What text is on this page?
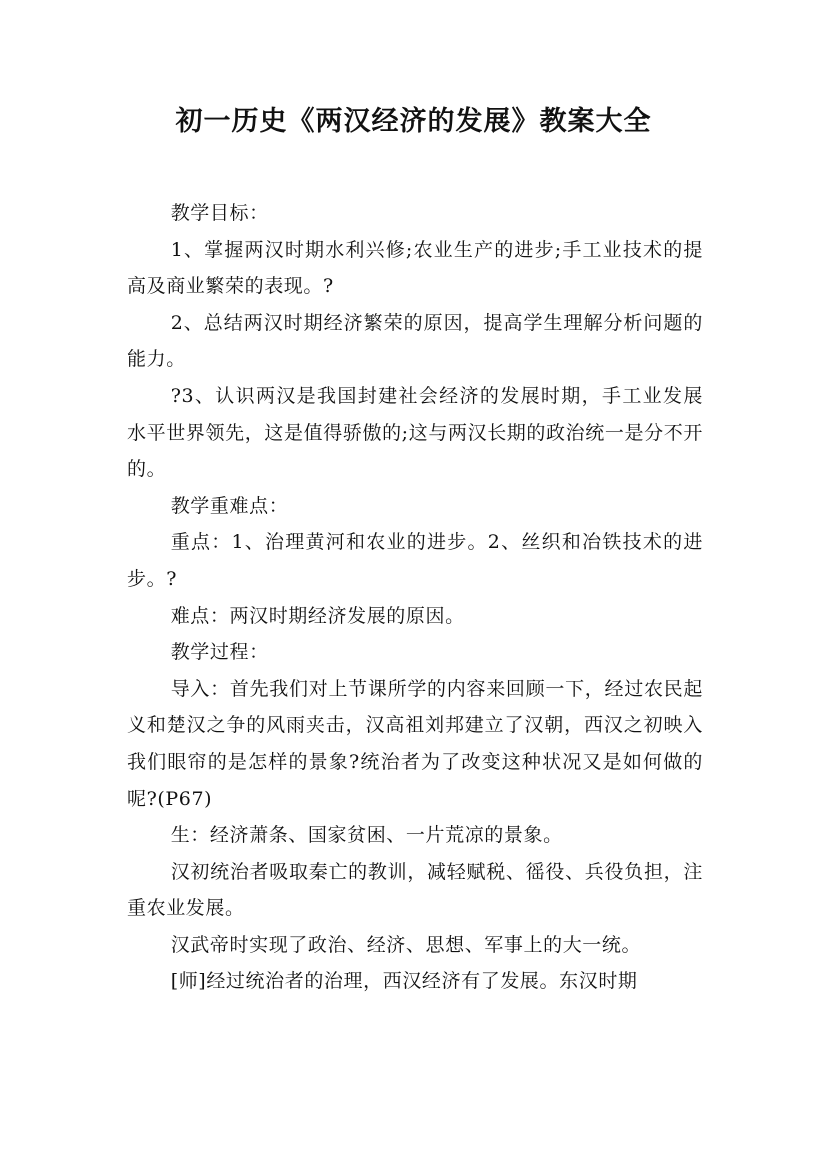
初一历史《两汉经济的发展》教案大全

教学目标：

1、掌握两汉时期水利兴修;农业生产的进步;手工业技术的提高及商业繁荣的表现。?

2、总结两汉时期经济繁荣的原因，提高学生理解分析问题的能力。

?3、认识两汉是我国封建社会经济的发展时期，手工业发展水平世界领先，这是值得骄傲的;这与两汉长期的政治统一是分不开的。

教学重难点：

重点：1、治理黄河和农业的进步。2、丝织和冶铁技术的进步。?

难点：两汉时期经济发展的原因。

教学过程：

导入：首先我们对上节课所学的内容来回顾一下，经过农民起义和楚汉之争的风雨夹击，汉高祖刘邦建立了汉朝，西汉之初映入我们眼帘的是怎样的景象?统治者为了改变这种状况又是如何做的呢?(P67)

生：经济萧条、国家贫困、一片荒凉的景象。

汉初统治者吸取秦亡的教训，减轻赋税、徭役、兵役负担，注重农业发展。

汉武帝时实现了政治、经济、思想、军事上的大一统。

[师]经过统治者的治理，西汉经济有了发展。东汉时期
